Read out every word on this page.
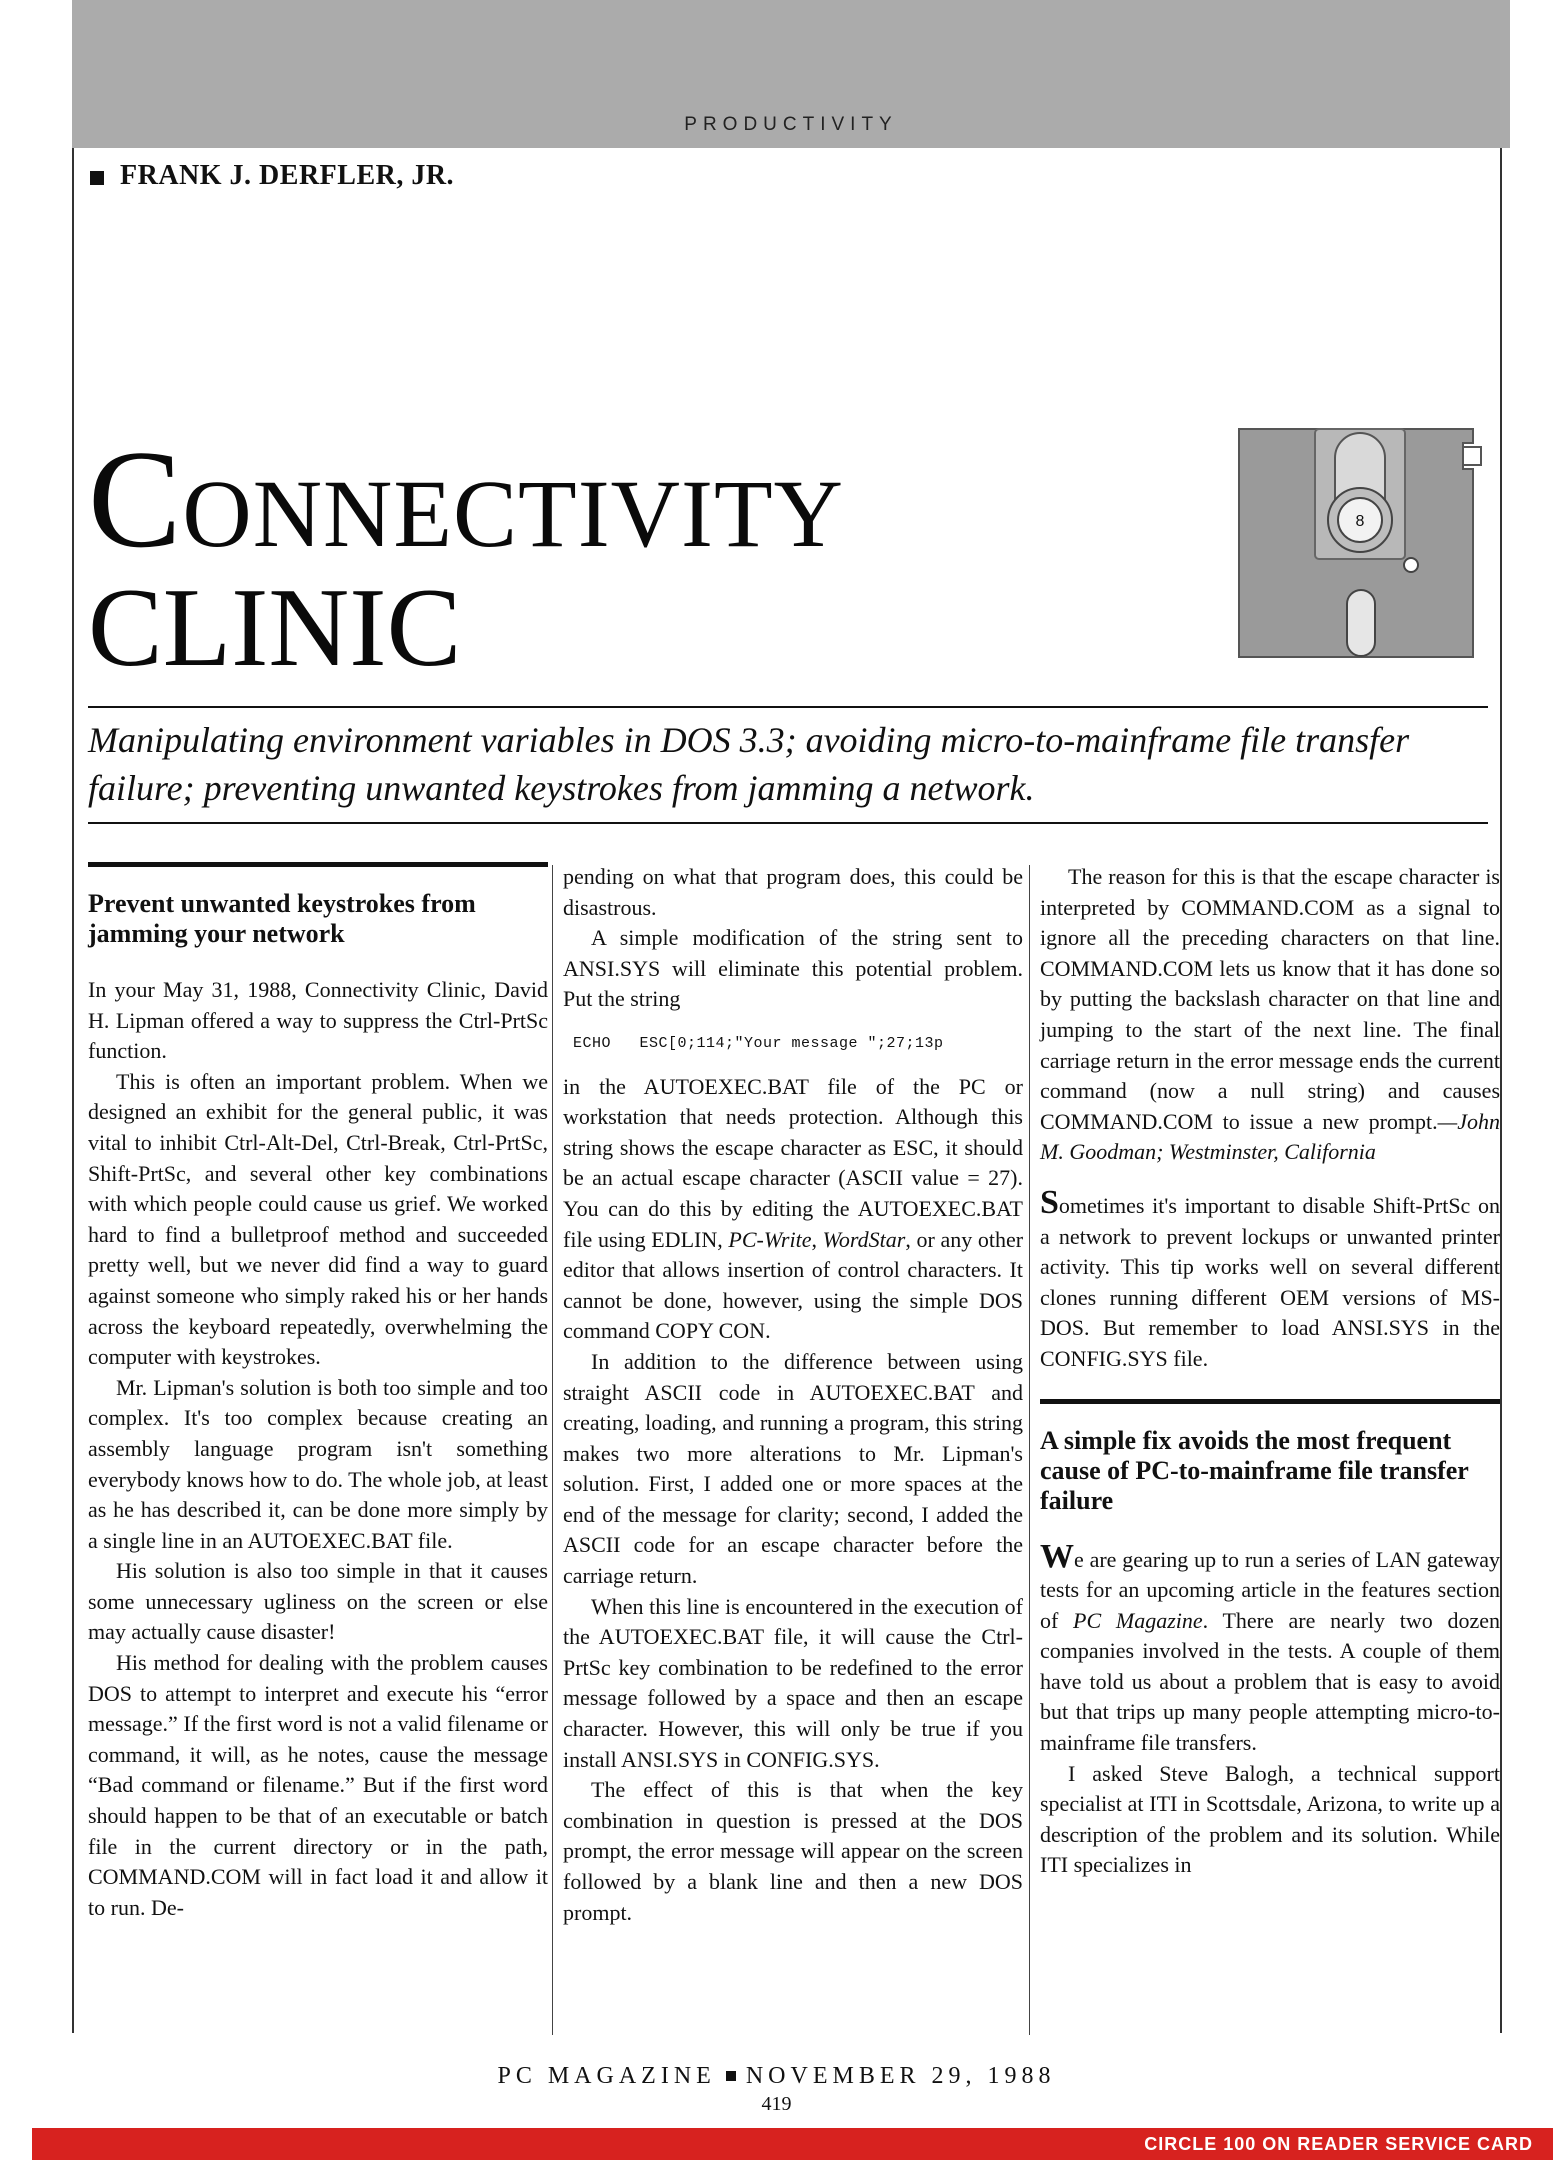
PRODUCTIVITY
FRANK J. DERFLER, JR.
CONNECTIVITY
CLINIC
8
Manipulating environment variables in DOS 3.3; avoiding micro-to-mainframe file transfer failure; preventing unwanted keystrokes from jamming a network.
Prevent unwanted keystrokes from jamming your network

In your May 31, 1988, Connectivity Clinic, David H. Lipman offered a way to suppress the Ctrl-PrtSc function.

This is often an important problem. When we designed an exhibit for the general public, it was vital to inhibit Ctrl-Alt-Del, Ctrl-Break, Ctrl-PrtSc, Shift-PrtSc, and several other key combinations with which people could cause us grief. We worked hard to find a bulletproof method and succeeded pretty well, but we never did find a way to guard against someone who simply raked his or her hands across the keyboard repeatedly, overwhelming the computer with keystrokes.

Mr. Lipman's solution is both too simple and too complex. It's too complex because creating an assembly language program isn't something everybody knows how to do. The whole job, at least as he has described it, can be done more simply by a single line in an AUTOEXEC.BAT file.

His solution is also too simple in that it causes some unnecessary ugliness on the screen or else may actually cause disaster!

His method for dealing with the problem causes DOS to attempt to interpret and execute his “error message.” If the first word is not a valid filename or command, it will, as he notes, cause the message “Bad command or filename.” But if the first word should happen to be that of an executable or batch file in the current directory or in the path, COMMAND.COM will in fact load it and allow it to run. De-

pending on what that program does, this could be disastrous.

A simple modification of the string sent to ANSI.SYS will eliminate this potential problem. Put the string

ECHO   ESC[0;114;"Your message ";27;13p

in the AUTOEXEC.BAT file of the PC or workstation that needs protection. Although this string shows the escape character as ESC, it should be an actual escape character (ASCII value = 27). You can do this by editing the AUTOEXEC.BAT file using EDLIN, PC-Write, WordStar, or any other editor that allows insertion of control characters. It cannot be done, however, using the simple DOS command COPY CON.

In addition to the difference between using straight ASCII code in AUTOEXEC.BAT and creating, loading, and running a program, this string makes two more alterations to Mr. Lipman's solution. First, I added one or more spaces at the end of the message for clarity; second, I added the ASCII code for an escape character before the carriage return.

When this line is encountered in the execution of the AUTOEXEC.BAT file, it will cause the Ctrl-PrtSc key combination to be redefined to the error message followed by a space and then an escape character. However, this will only be true if you install ANSI.SYS in CONFIG.SYS.

The effect of this is that when the key combination in question is pressed at the DOS prompt, the error message will appear on the screen followed by a blank line and then a new DOS prompt.

The reason for this is that the escape character is interpreted by COMMAND.COM as a signal to ignore all the preceding characters on that line. COMMAND.COM lets us know that it has done so by putting the backslash character on that line and jumping to the start of the next line. The final carriage return in the error message ends the current command (now a null string) and causes COMMAND.COM to issue a new prompt.—John M. Goodman; Westminster, California

Sometimes it's important to disable Shift-PrtSc on a network to prevent lockups or unwanted printer activity. This tip works well on several different clones running different OEM versions of MS-DOS. But remember to load ANSI.SYS in the CONFIG.SYS file.

A simple fix avoids the most frequent cause of PC-to-mainframe file transfer failure

We are gearing up to run a series of LAN gateway tests for an upcoming article in the features section of PC Magazine. There are nearly two dozen companies involved in the tests. A couple of them have told us about a problem that is easy to avoid but that trips up many people attempting micro-to-mainframe file transfers.

I asked Steve Balogh, a technical support specialist at ITI in Scottsdale, Arizona, to write up a description of the problem and its solution. While ITI specializes in

PC MAGAZINE NOVEMBER 29, 1988
419
CIRCLE 100 ON READER SERVICE CARD
